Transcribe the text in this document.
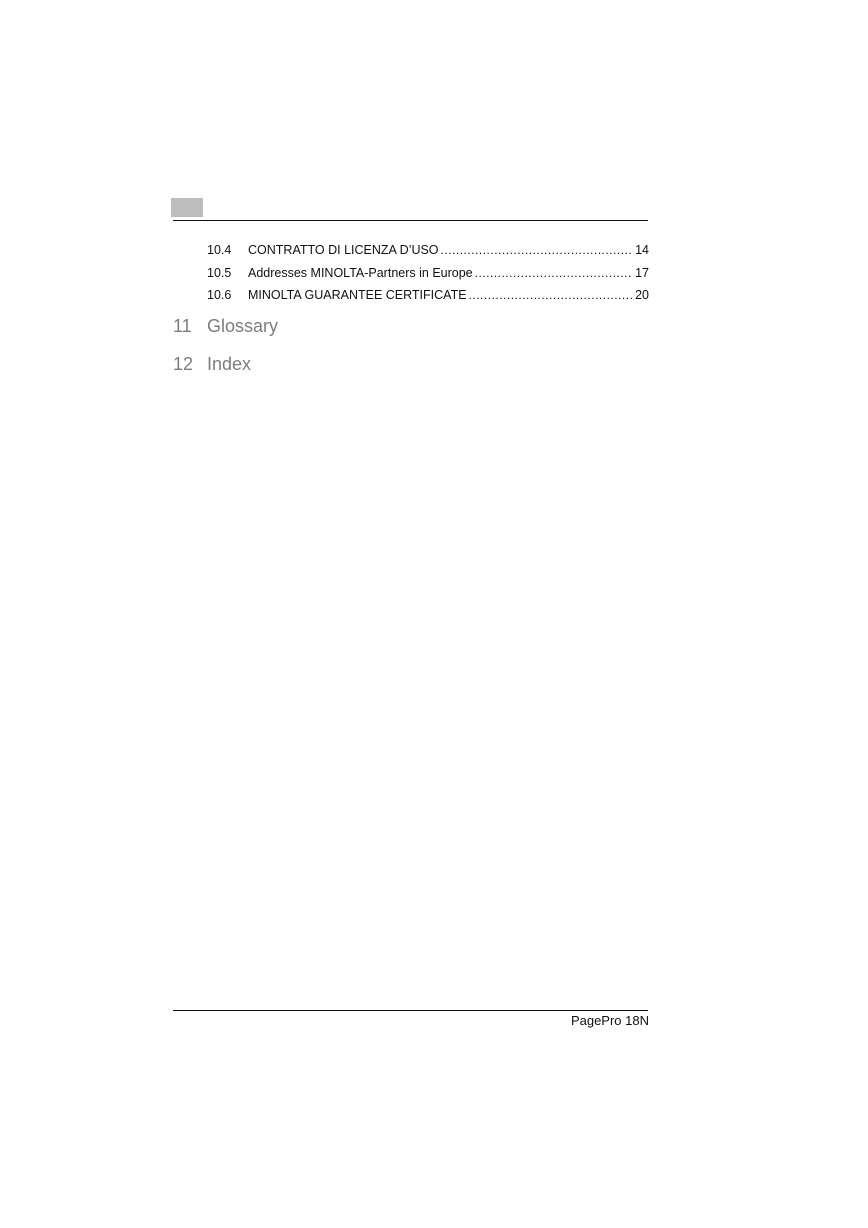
10.4	CONTRATTO DI LICENZA D’USO .....	14
10.5	Addresses MINOLTA-Partners in Europe .....	17
10.6	MINOLTA GUARANTEE CERTIFICATE .....	20
11 Glossary
12 Index
PagePro 18N
